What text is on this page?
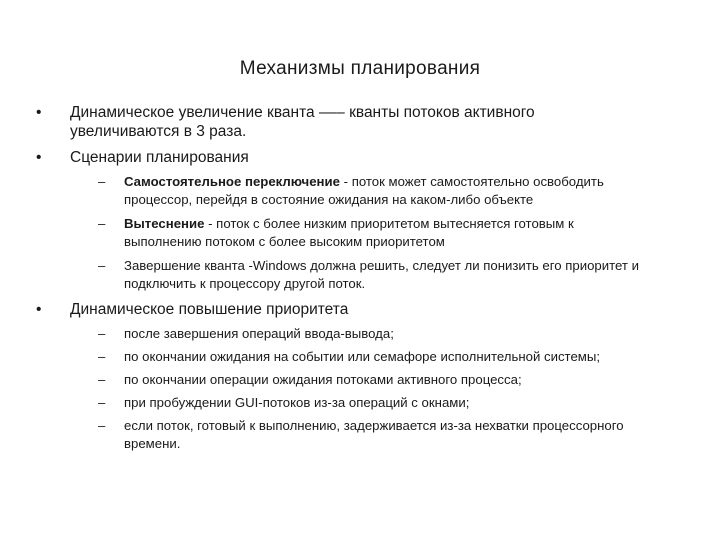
Механизмы планирования
•	Динамическое увеличение кванта ––– кванты потоков активного
увеличиваются в 3 раза.
•	Сценарии планирования
–	Самостоятельное переключение - поток может самостоятельно освободить
процессор, перейдя в состояние ожидания на каком-либо объекте
–	Вытеснение - поток с более низким приоритетом вытесняется готовым к
выполнению потоком с более высоким приоритетом
–	Завершение кванта -Windows должна решить, следует ли понизить его приоритет и
подключить к процессору другой поток.
•	Динамическое повышение приоритета
–	после завершения операций ввода-вывода;
–	по окончании ожидания на событии или семафоре исполнительной системы;
–	по окончании операции ожидания потоками активного процесса;
–	при пробуждении GUI-потоков из-за операций с окнами;
–	если поток, готовый к выполнению, задерживается из-за нехватки процессорного
времени.
